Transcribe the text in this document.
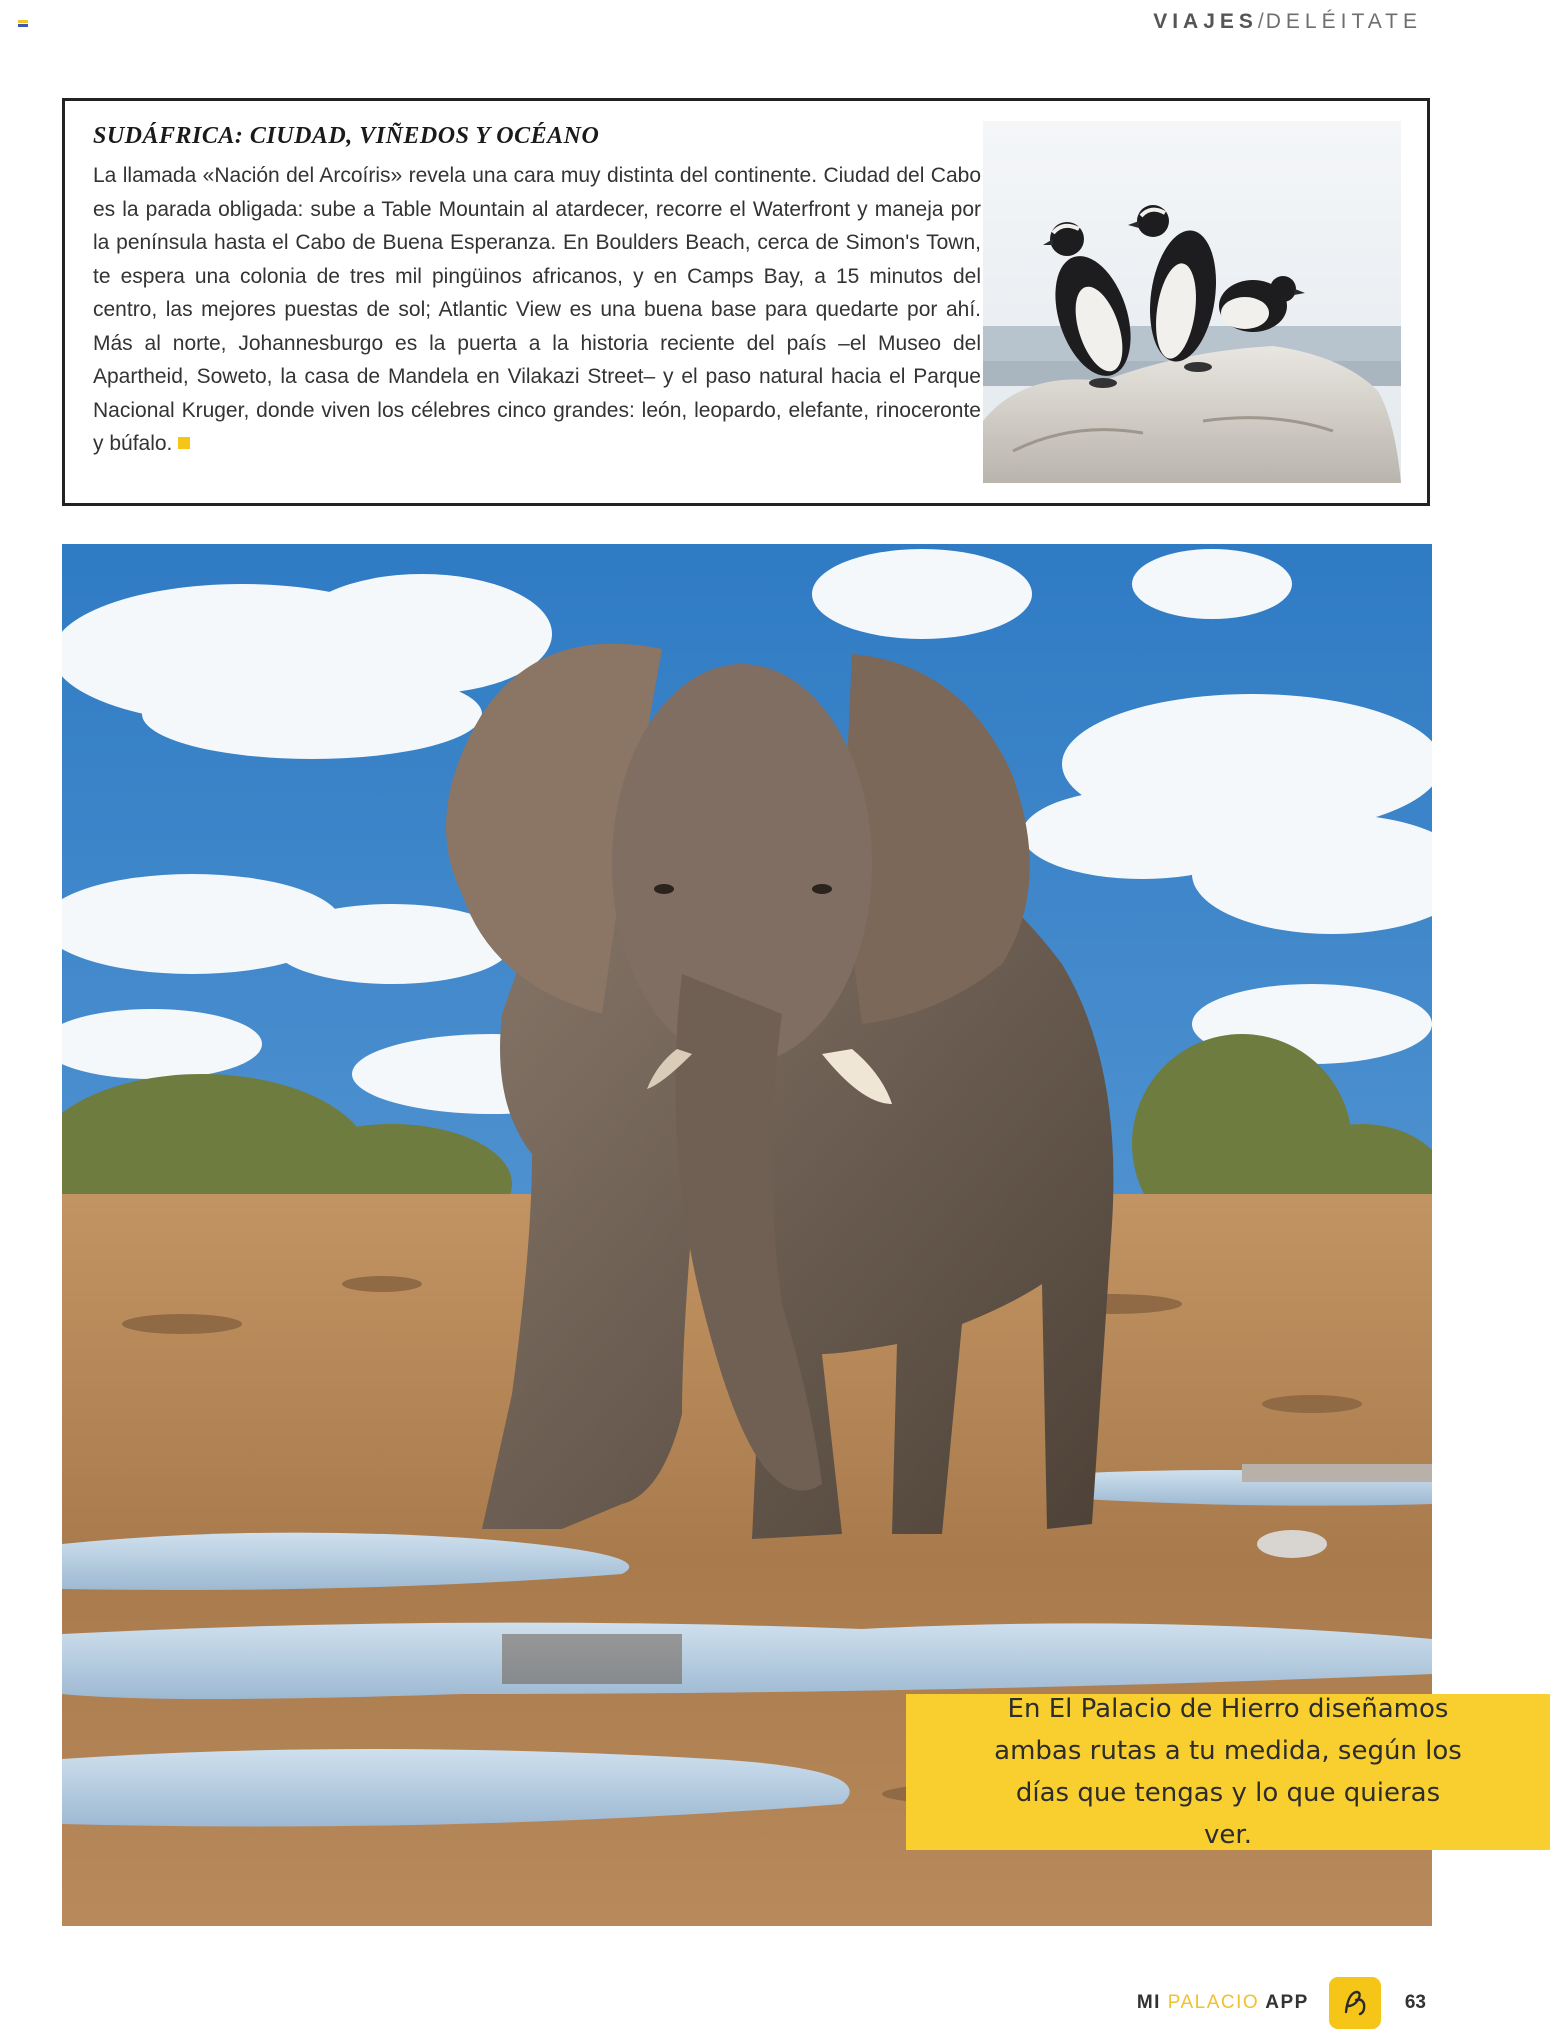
VIAJES/DELÉITATE
SUDÁFRICA: CIUDAD, VIÑEDOS Y OCÉANO

La llamada «Nación del Arcoíris» revela una cara muy distinta del continente. Ciudad del Cabo es la parada obligada: sube a Table Mountain al atardecer, recorre el Waterfront y maneja por la península hasta el Cabo de Buena Esperanza. En Boulders Beach, cerca de Simon's Town, te espera una colonia de tres mil pingüinos africanos, y en Camps Bay, a 15 minutos del centro, las mejores puestas de sol; Atlantic View es una buena base para quedarte por ahí. Más al norte, Johannesburgo es la puerta a la historia reciente del país –el Museo del Apartheid, Soweto, la casa de Mandela en Vilakazi Street– y el paso natural hacia el Parque Nacional Kruger, donde viven los célebres cinco grandes: león, leopardo, elefante, rinoceronte y búfalo.

En El Palacio de Hierro diseñamos ambas rutas a tu medida, según los días que tengas y lo que quieras ver.

MI PALACIO APP	63
